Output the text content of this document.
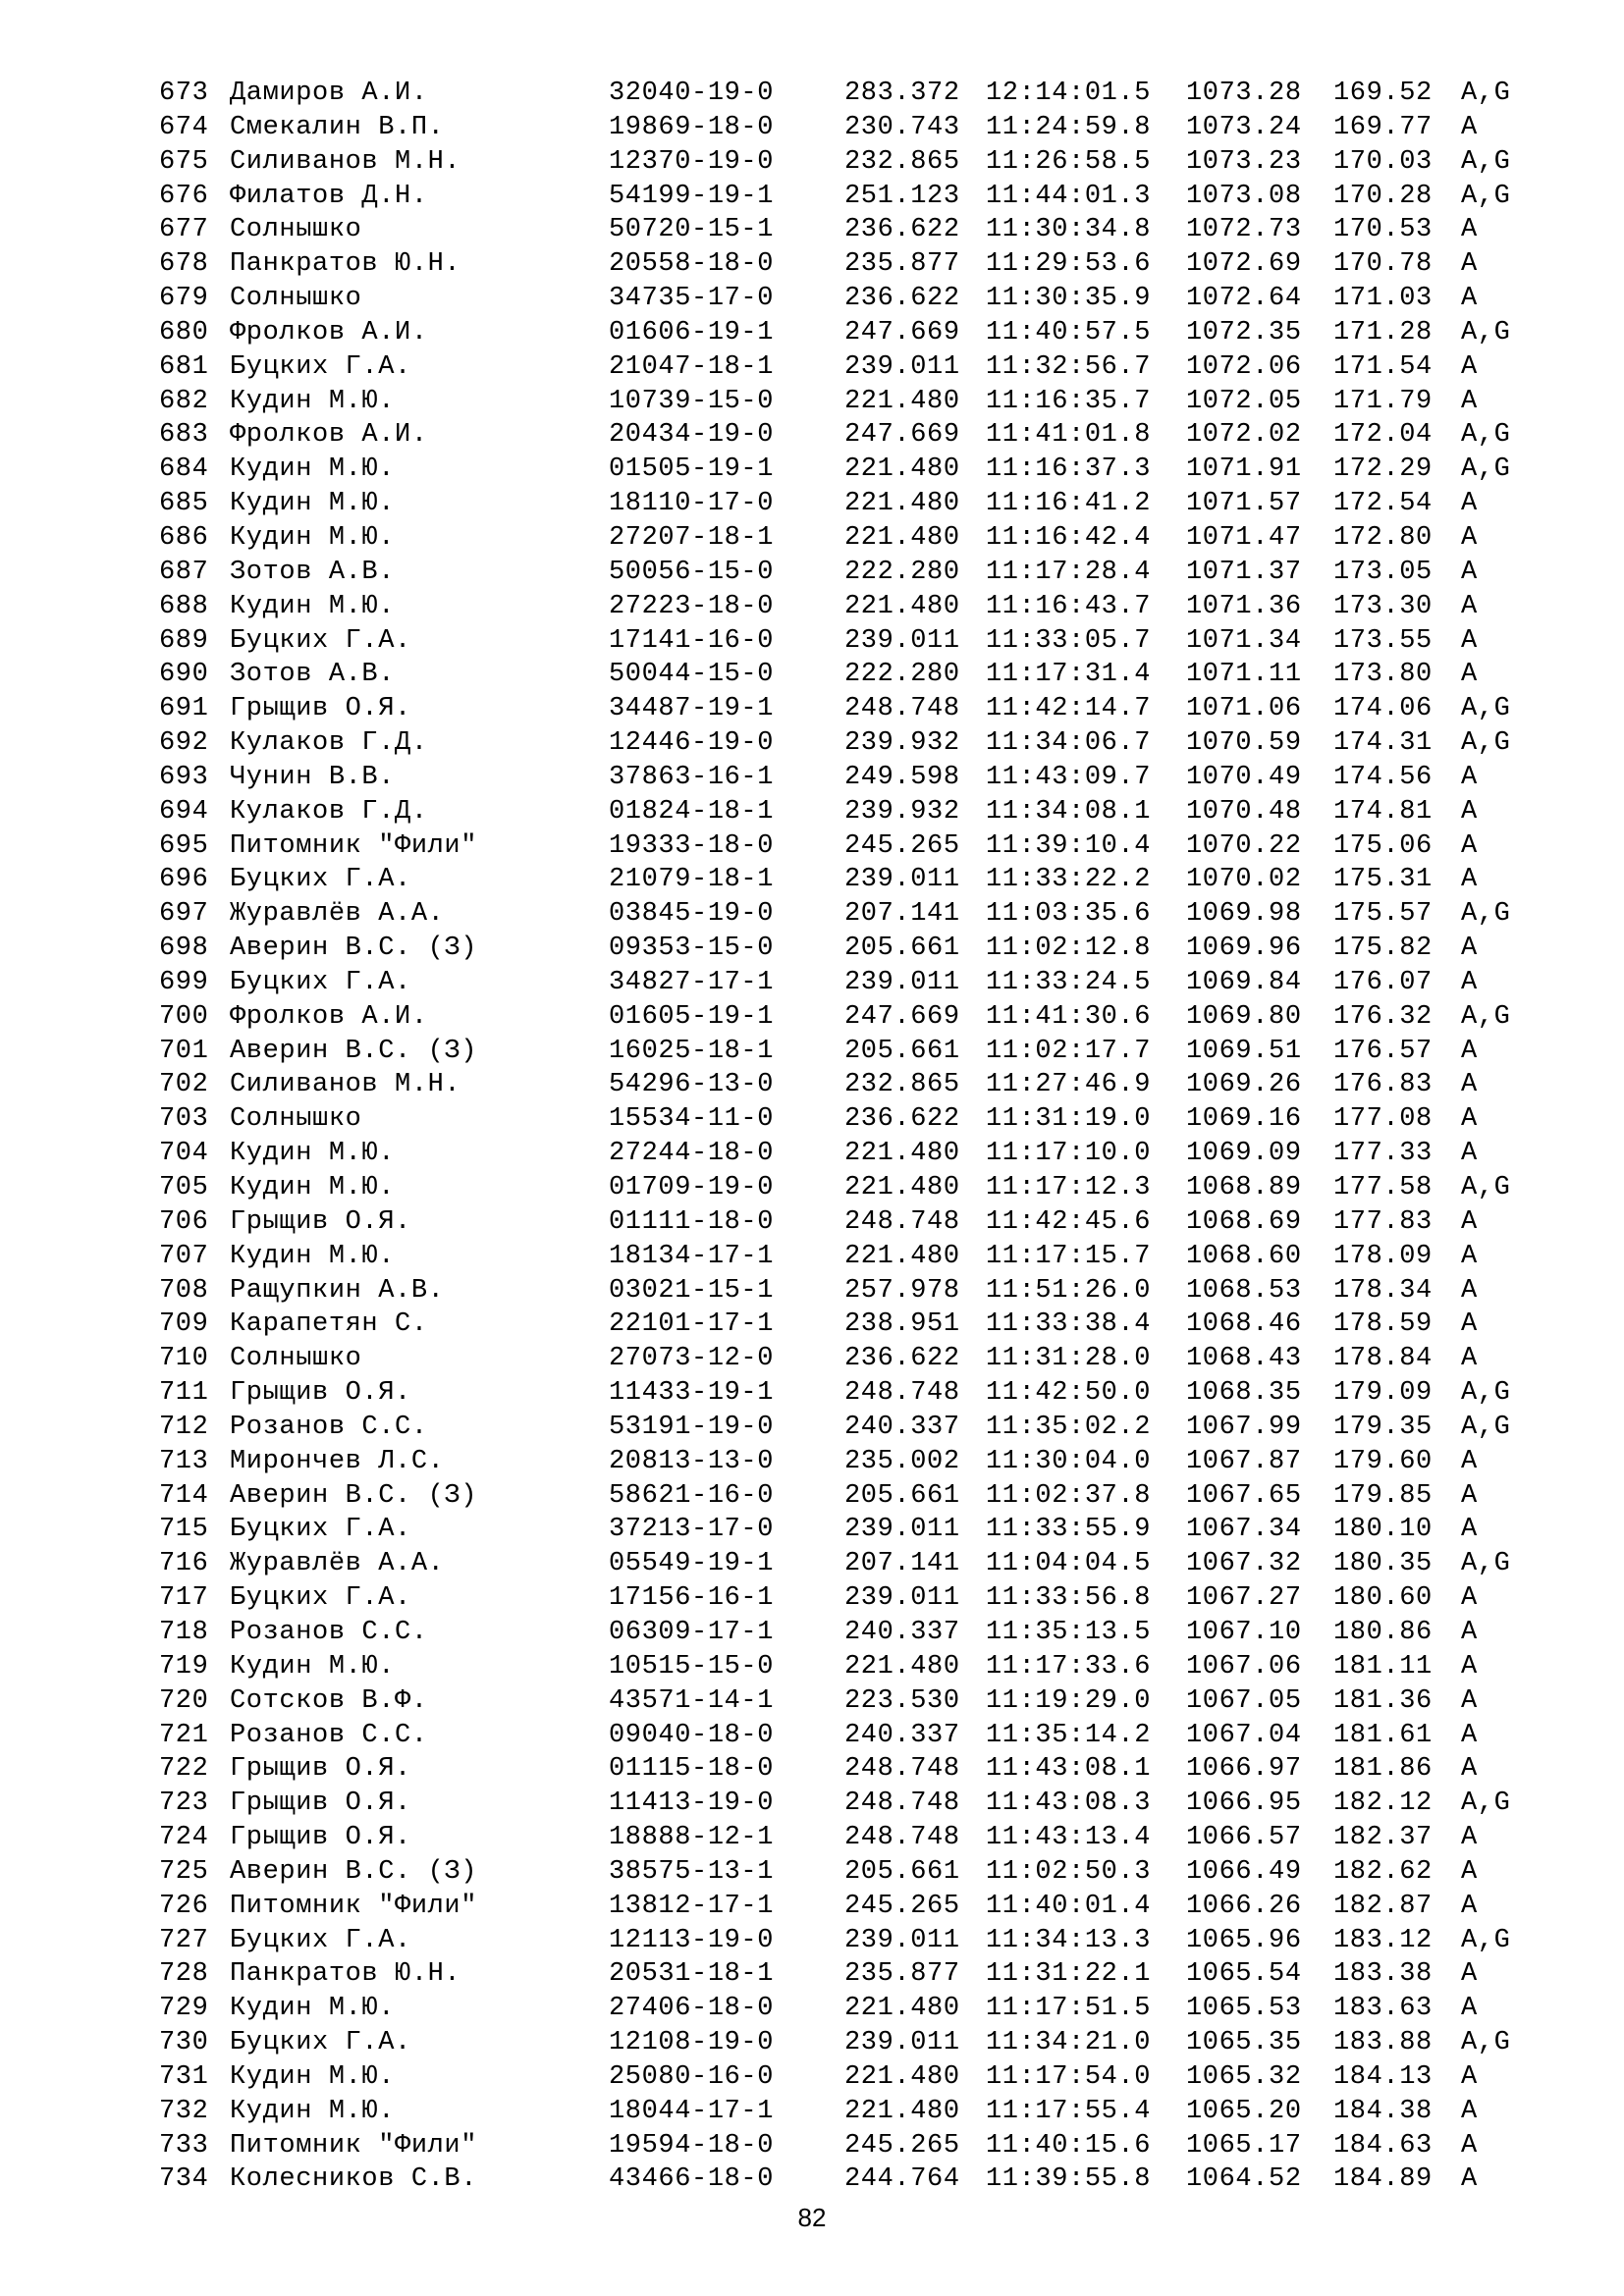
673 Дамиров А.И.	32040-19-0	283.372 12:14:01.5 1073.28 169.52 A,G
674 Смекалин В.П.	19869-18-0	230.743 11:24:59.8 1073.24 169.77 A
675 Силиванов М.Н.	12370-19-0	232.865 11:26:58.5 1073.23 170.03 A,G
676 Филатов Д.Н.	54199-19-1	251.123 11:44:01.3 1073.08 170.28 A,G
677 Солнышко	50720-15-1	236.622 11:30:34.8 1072.73 170.53 A
678 Панкратов Ю.Н.	20558-18-0	235.877 11:29:53.6 1072.69 170.78 A
679 Солнышко	34735-17-0	236.622 11:30:35.9 1072.64 171.03 A
680 Фролков А.И.	01606-19-1	247.669 11:40:57.5 1072.35 171.28 A,G
681 Буцких Г.А.	21047-18-1	239.011 11:32:56.7 1072.06 171.54 A
682 Кудин М.Ю.	10739-15-0	221.480 11:16:35.7 1072.05 171.79 A
683 Фролков А.И.	20434-19-0	247.669 11:41:01.8 1072.02 172.04 A,G
684 Кудин М.Ю.	01505-19-1	221.480 11:16:37.3 1071.91 172.29 A,G
685 Кудин М.Ю.	18110-17-0	221.480 11:16:41.2 1071.57 172.54 A
686 Кудин М.Ю.	27207-18-1	221.480 11:16:42.4 1071.47 172.80 A
687 Зотов А.В.	50056-15-0	222.280 11:17:28.4 1071.37 173.05 A
688 Кудин М.Ю.	27223-18-0	221.480 11:16:43.7 1071.36 173.30 A
689 Буцких Г.А.	17141-16-0	239.011 11:33:05.7 1071.34 173.55 A
690 Зотов А.В.	50044-15-0	222.280 11:17:31.4 1071.11 173.80 A
691 Грыщив О.Я.	34487-19-1	248.748 11:42:14.7 1071.06 174.06 A,G
692 Кулаков Г.Д.	12446-19-0	239.932 11:34:06.7 1070.59 174.31 A,G
693 Чунин В.В.	37863-16-1	249.598 11:43:09.7 1070.49 174.56 A
694 Кулаков Г.Д.	01824-18-1	239.932 11:34:08.1 1070.48 174.81 A
695 Питомник "Фили"	19333-18-0	245.265 11:39:10.4 1070.22 175.06 A
696 Буцких Г.А.	21079-18-1	239.011 11:33:22.2 1070.02 175.31 A
697 Журавлёв А.А.	03845-19-0	207.141 11:03:35.6 1069.98 175.57 A,G
698 Аверин В.С. (З)	09353-15-0	205.661 11:02:12.8 1069.96 175.82 A
699 Буцких Г.А.	34827-17-1	239.011 11:33:24.5 1069.84 176.07 A
700 Фролков А.И.	01605-19-1	247.669 11:41:30.6 1069.80 176.32 A,G
701 Аверин В.С. (З)	16025-18-1	205.661 11:02:17.7 1069.51 176.57 A
702 Силиванов М.Н.	54296-13-0	232.865 11:27:46.9 1069.26 176.83 A
703 Солнышко	15534-11-0	236.622 11:31:19.0 1069.16 177.08 A
704 Кудин М.Ю.	27244-18-0	221.480 11:17:10.0 1069.09 177.33 A
705 Кудин М.Ю.	01709-19-0	221.480 11:17:12.3 1068.89 177.58 A,G
706 Грыщив О.Я.	01111-18-0	248.748 11:42:45.6 1068.69 177.83 A
707 Кудин М.Ю.	18134-17-1	221.480 11:17:15.7 1068.60 178.09 A
708 Ращупкин А.В.	03021-15-1	257.978 11:51:26.0 1068.53 178.34 A
709 Карапетян С.	22101-17-1	238.951 11:33:38.4 1068.46 178.59 A
710 Солнышко	27073-12-0	236.622 11:31:28.0 1068.43 178.84 A
711 Грыщив О.Я.	11433-19-1	248.748 11:42:50.0 1068.35 179.09 A,G
712 Розанов С.С.	53191-19-0	240.337 11:35:02.2 1067.99 179.35 A,G
713 Мирончев Л.С.	20813-13-0	235.002 11:30:04.0 1067.87 179.60 A
714 Аверин В.С. (З)	58621-16-0	205.661 11:02:37.8 1067.65 179.85 A
715 Буцких Г.А.	37213-17-0	239.011 11:33:55.9 1067.34 180.10 A
716 Журавлёв А.А.	05549-19-1	207.141 11:04:04.5 1067.32 180.35 A,G
717 Буцких Г.А.	17156-16-1	239.011 11:33:56.8 1067.27 180.60 A
718 Розанов С.С.	06309-17-1	240.337 11:35:13.5 1067.10 180.86 A
719 Кудин М.Ю.	10515-15-0	221.480 11:17:33.6 1067.06 181.11 A
720 Сотсков В.Ф.	43571-14-1	223.530 11:19:29.0 1067.05 181.36 A
721 Розанов С.С.	09040-18-0	240.337 11:35:14.2 1067.04 181.61 A
722 Грыщив О.Я.	01115-18-0	248.748 11:43:08.1 1066.97 181.86 A
723 Грыщив О.Я.	11413-19-0	248.748 11:43:08.3 1066.95 182.12 A,G
724 Грыщив О.Я.	18888-12-1	248.748 11:43:13.4 1066.57 182.37 A
725 Аверин В.С. (З)	38575-13-1	205.661 11:02:50.3 1066.49 182.62 A
726 Питомник "Фили"	13812-17-1	245.265 11:40:01.4 1066.26 182.87 A
727 Буцких Г.А.	12113-19-0	239.011 11:34:13.3 1065.96 183.12 A,G
728 Панкратов Ю.Н.	20531-18-1	235.877 11:31:22.1 1065.54 183.38 A
729 Кудин М.Ю.	27406-18-0	221.480 11:17:51.5 1065.53 183.63 A
730 Буцких Г.А.	12108-19-0	239.011 11:34:21.0 1065.35 183.88 A,G
731 Кудин М.Ю.	25080-16-0	221.480 11:17:54.0 1065.32 184.13 A
732 Кудин М.Ю.	18044-17-1	221.480 11:17:55.4 1065.20 184.38 A
733 Питомник "Фили"	19594-18-0	245.265 11:40:15.6 1065.17 184.63 A
734 Колесников С.В.	43466-18-0	244.764 11:39:55.8 1064.52 184.89 A
82
